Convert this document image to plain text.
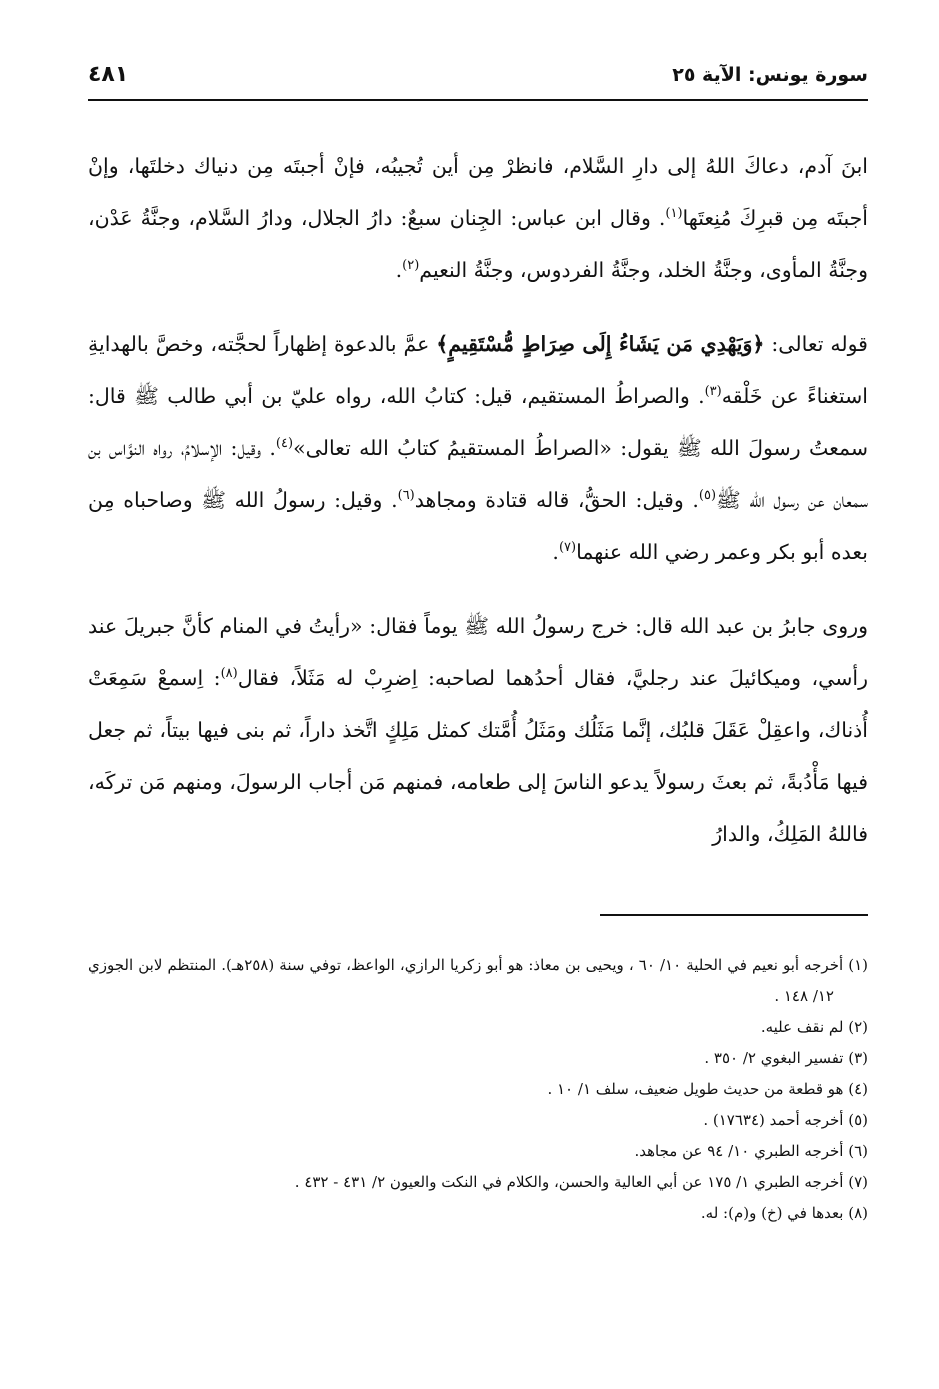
سورة يونس: الآية ٢٥
٤٨١

ابنَ آدم، دعاكَ اللهُ إلى دارِ السَّلام، فانظرْ مِن أين تُجيبُه، فإنْ أجبتَه مِن دنياك دخلتَها، وإنْ أجبتَه مِن قبرِكَ مُنِعتَها$^{(١)}$. وقال ابن عباس: الجِنان سبعٌ: دارُ الجلال، ودارُ السَّلام، وجنَّةُ عَدْن، وجنَّةُ المأوى، وجنَّةُ الخلد، وجنَّةُ الفردوس، وجنَّةُ النعيم$^{(٢)}$.

قوله تعالى: ﴿وَيَهْدِي مَن يَشَاءُ إِلَى صِرَاطٍ مُّسْتَقِيمٍ﴾ عمَّ بالدعوة إظهاراً لحجَّته، وخصَّ بالهدايةِ استغناءً عن خَلْقه$^{(٣)}$. والصراطُ المستقيم، قيل: كتابُ الله، رواه عليّ بن أبي طالب ﷺ قال: سمعتُ رسولَ الله ﷺ يقول: «الصراطُ المستقيمُ كتابُ الله تعالى»$^{(٤)}$. وقيل: الإسلامُ، رواه النوَّاس بن سمعان عن رسول الله ﷺ$^{(٥)}$. وقيل: الحقُّ، قاله قتادة ومجاهد$^{(٦)}$. وقيل: رسولُ الله ﷺ وصاحباه مِن بعده أبو بكر وعمر رضي الله عنهما$^{(٧)}$.

وروى جابرُ بن عبد الله قال: خرج رسولُ الله ﷺ يوماً فقال: «رأيتُ في المنام كأنَّ جبريلَ عند رأسي، وميكائيلَ عند رجليَّ، فقال أحدُهما لصاحبه: اِضرِبْ له مَثَلاً، فقال$^{(٨)}$: اِسمعْ سَمِعَتْ أُذناك، واعقِلْ عَقَلَ قلبُك، إنَّما مَثَلُك ومَثَلُ أُمَّتك كمثل مَلِكٍ اتَّخذ داراً، ثم بنى فيها بيتاً، ثم جعل فيها مَأْدُبةً، ثم بعثَ رسولاً يدعو الناسَ إلى طعامه، فمنهم مَن أجاب الرسولَ، ومنهم مَن تركَه، فاللهُ المَلِكُ، والدارُ

(١) أخرجه أبو نعيم في الحلية ١٠/ ٦٠ ، ويحيى بن معاذ: هو أبو زكريا الرازي، الواعظ، توفي سنة (٢٥٨هـ). المنتظم لابن الجوزي ١٢/ ١٤٨ .

(٢) لم نقف عليه.

(٣) تفسير البغوي ٢/ ٣٥٠ .

(٤) هو قطعة من حديث طويل ضعيف، سلف ١/ ١٠ .

(٥) أخرجه أحمد (١٧٦٣٤) .

(٦) أخرجه الطبري ١٠/ ٩٤ عن مجاهد.

(٧) أخرجه الطبري ١/ ١٧٥ عن أبي العالية والحسن، والكلام في النكت والعيون ٢/ ٤٣١ - ٤٣٢ .

(٨) بعدها في (خ) و(م): له.
